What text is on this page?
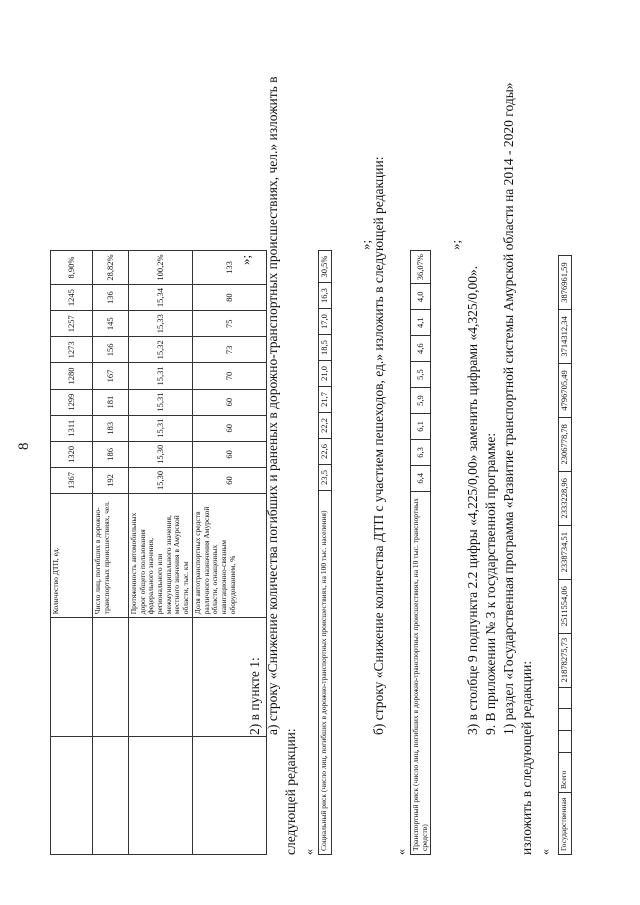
8
		Количество ДТП, ед.	1367	1320	1311	1299	1280	1273	1257	1245	8,90%
		Число лиц, погибших в дорожно-транспортных происшествиях, чел.	192	186	183	181	167	156	145	136	28,82%
		Протяженность автомобильных дорог общего пользования федерального значения, регионального или межмуниципального значения, местного значения в Амурской области, тыс. км	15,30	15,30	15,31	15,31	15,31	15,32	15,33	15,34	100,2%
		Доля автотранспортных средств различного назначения Амурской области, оснащенных навигационно-связным оборудованием, %	60	60	60	60	70	73	75	80	133
»;
2) в пункте 1: а) строку «Снижение количества погибших и раненых в дорожно-транспортных происшествиях, чел.» изложить в
следующей редакции: «
Социальный риск (число лиц, погибших в дорожно-транспортных происшествиях, на 100 тыс. населения)	23,5	22,6	22,2	21,7	21,0	18,5	17,0	16,3	30,5%
»;
б) строку «Снижение количества ДТП с участием пешеходов, ед.» изложить в следующей редакции:
«
Транспортный риск (число лиц, погибших в дорожно-транспортных происшествиях, на 10 тыс. транспортных средств)	6,4	6,3	6,1	5,9	5,5	4,6	4,1	4,0	36,07%
»;
3) в столбце 9 подпункта 2.2 цифры «4,225/0,00» заменить цифрами «4,325/0,00». 9. В приложении № 3 к государственной программе: 1) раздел «Государственная программа «Развитие транспортной системы Амурской области на 2014 - 2020 годы»
изложить в следующей редакции: «
Государственная	Всего				21878275,73	2511554,06	2338734,51	2333228,96	2306778,78	4796705,49	3714312,34	3876961,59
